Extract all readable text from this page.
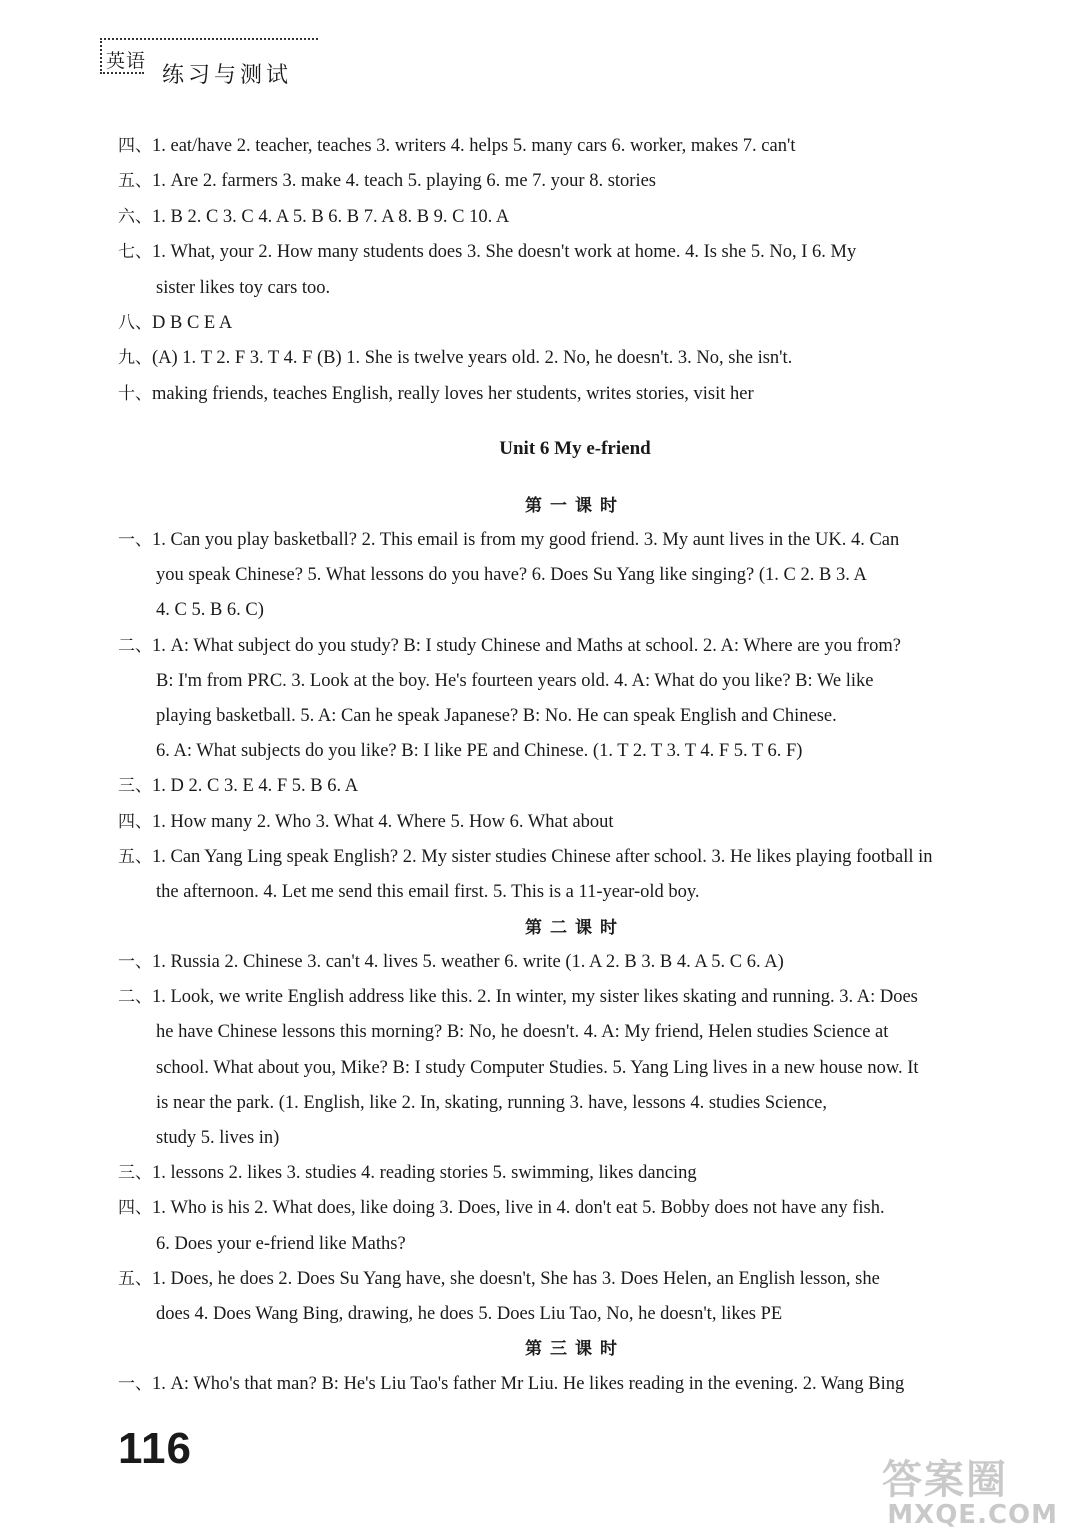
英语
练习与测试
四、1. eat/have 2. teacher, teaches 3. writers 4. helps 5. many cars 6. worker, makes 7. can't
五、1. Are 2. farmers 3. make 4. teach 5. playing 6. me 7. your 8. stories
六、1. B 2. C 3. C 4. A 5. B 6. B 7. A 8. B 9. C 10. A
七、1. What, your 2. How many students does 3. She doesn't work at home. 4. Is she 5. No, I 6. My
sister likes toy cars too.
八、D B C E A
九、(A) 1. T 2. F 3. T 4. F (B) 1. She is twelve years old. 2. No, he doesn't. 3. No, she isn't.
十、making friends, teaches English, really loves her students, writes stories, visit her
Unit 6 My e-friend
第一课时
一、1. Can you play basketball? 2. This email is from my good friend. 3. My aunt lives in the UK. 4. Can
you speak Chinese? 5. What lessons do you have? 6. Does Su Yang like singing? (1. C 2. B 3. A
4. C 5. B 6. C)
二、1. A: What subject do you study? B: I study Chinese and Maths at school. 2. A: Where are you from?
B: I'm from PRC. 3. Look at the boy. He's fourteen years old. 4. A: What do you like? B: We like
playing basketball. 5. A: Can he speak Japanese? B: No. He can speak English and Chinese.
6. A: What subjects do you like? B: I like PE and Chinese. (1. T 2. T 3. T 4. F 5. T 6. F)
三、1. D 2. C 3. E 4. F 5. B 6. A
四、1. How many 2. Who 3. What 4. Where 5. How 6. What about
五、1. Can Yang Ling speak English? 2. My sister studies Chinese after school. 3. He likes playing football in
the afternoon. 4. Let me send this email first. 5. This is a 11-year-old boy.
第二课时
一、1. Russia 2. Chinese 3. can't 4. lives 5. weather 6. write (1. A 2. B 3. B 4. A 5. C 6. A)
二、1. Look, we write English address like this. 2. In winter, my sister likes skating and running. 3. A: Does
he have Chinese lessons this morning? B: No, he doesn't. 4. A: My friend, Helen studies Science at
school. What about you, Mike? B: I study Computer Studies. 5. Yang Ling lives in a new house now. It
is near the park. (1. English, like 2. In, skating, running 3. have, lessons 4. studies Science,
study 5. lives in)
三、1. lessons 2. likes 3. studies 4. reading stories 5. swimming, likes dancing
四、1. Who is his 2. What does, like doing 3. Does, live in 4. don't eat 5. Bobby does not have any fish.
6. Does your e-friend like Maths?
五、1. Does, he does 2. Does Su Yang have, she doesn't, She has 3. Does Helen, an English lesson, she
does 4. Does Wang Bing, drawing, he does 5. Does Liu Tao, No, he doesn't, likes PE
第三课时
一、1. A: Who's that man? B: He's Liu Tao's father Mr Liu. He likes reading in the evening. 2. Wang Bing
116
答案圈
MXQE.COM
